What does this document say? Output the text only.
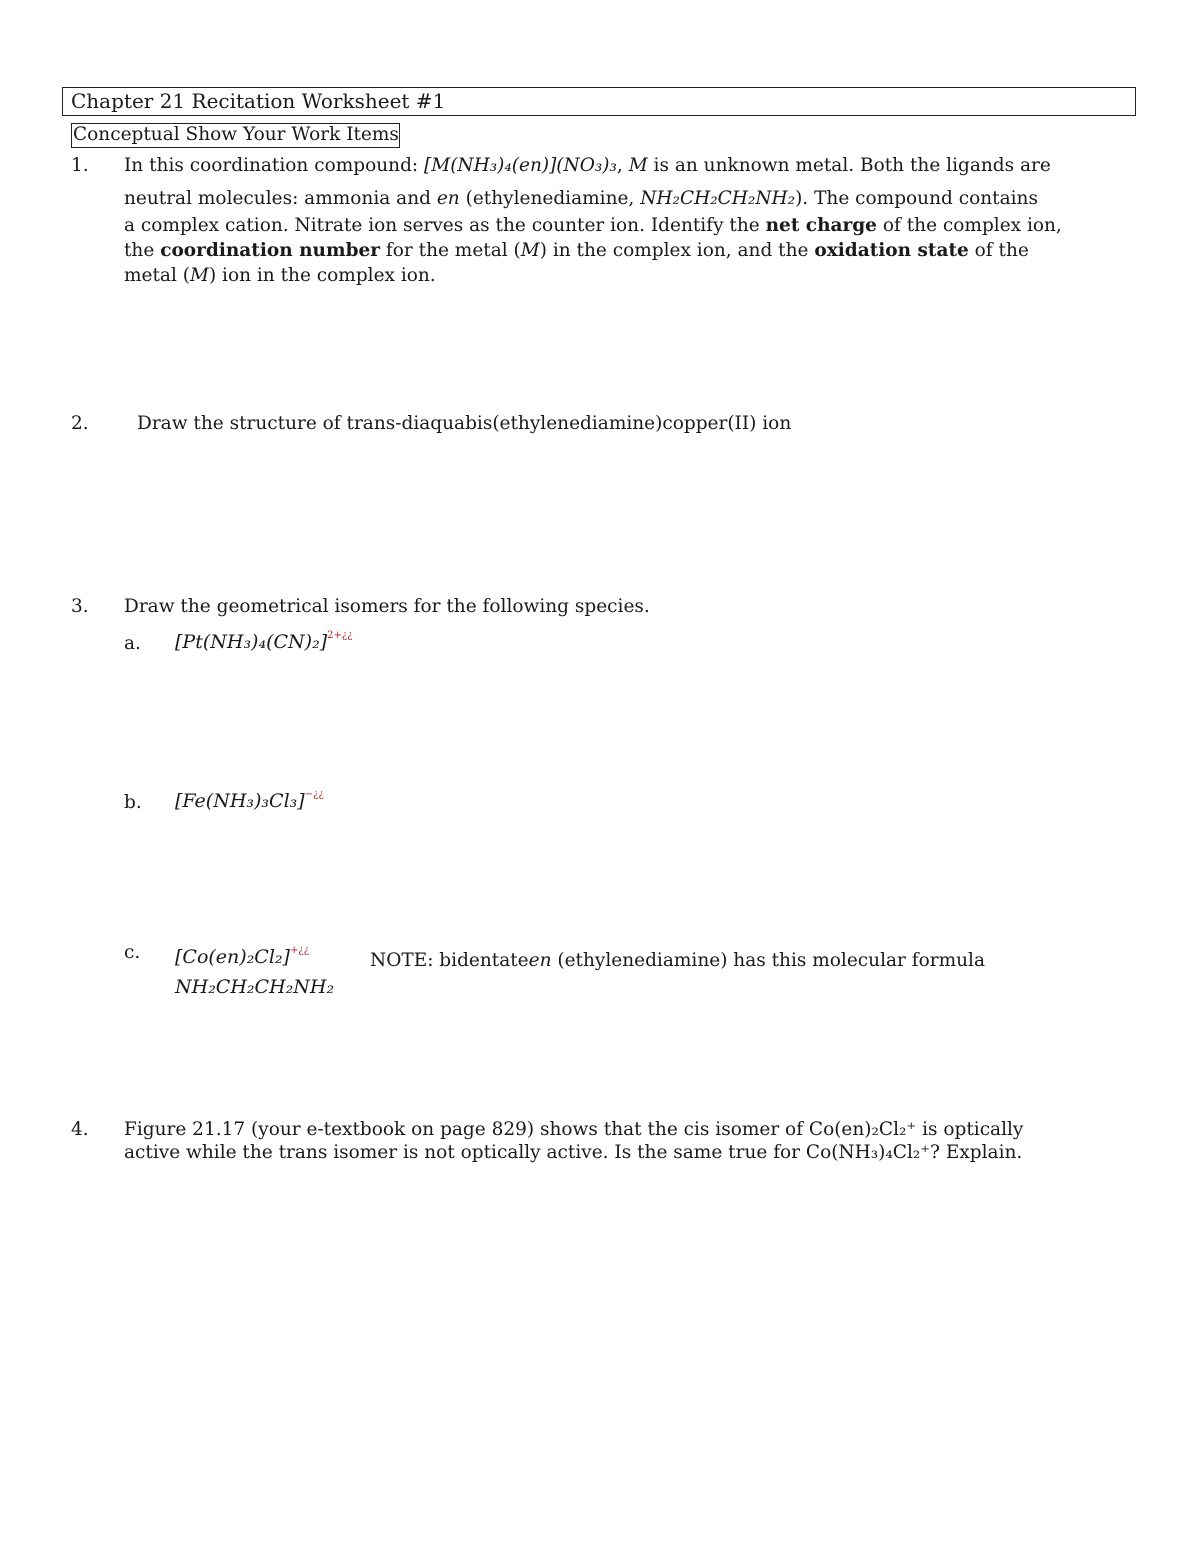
Chapter 21 Recitation Worksheet #1
Conceptual Show Your Work Items
1. In this coordination compound: [M(NH₃)₄(en)](NO₃)₃, M is an unknown metal. Both the ligands are
neutral molecules: ammonia and en (ethylenediamine, NH₂CH₂CH₂NH₂). The compound contains
a complex cation. Nitrate ion serves as the counter ion. Identify the net charge of the complex ion,
the coordination number for the metal (M) in the complex ion, and the oxidation state of the
metal (M) ion in the complex ion.
2.	Draw the structure of trans-diaquabis(ethylenediamine)copper(II) ion
3. Draw the geometrical isomers for the following species.
a. $[Pt(NH_3)_4(CN)_2]^{2+¿¿}$
b. [Fe(NH₃)₃Cl₃]−¿¿
c. [Co(en)₂Cl₂]+¿¿	NOTE: bidentateen (ethylenediamine) has this molecular formula
NH₂CH₂CH₂NH₂
4. Figure 21.17 (your e-textbook on page 829) shows that the cis isomer of Co(en)₂Cl₂⁺ is optically
active while the trans isomer is not optically active. Is the same true for Co(NH₃)₄Cl₂⁺? Explain.
